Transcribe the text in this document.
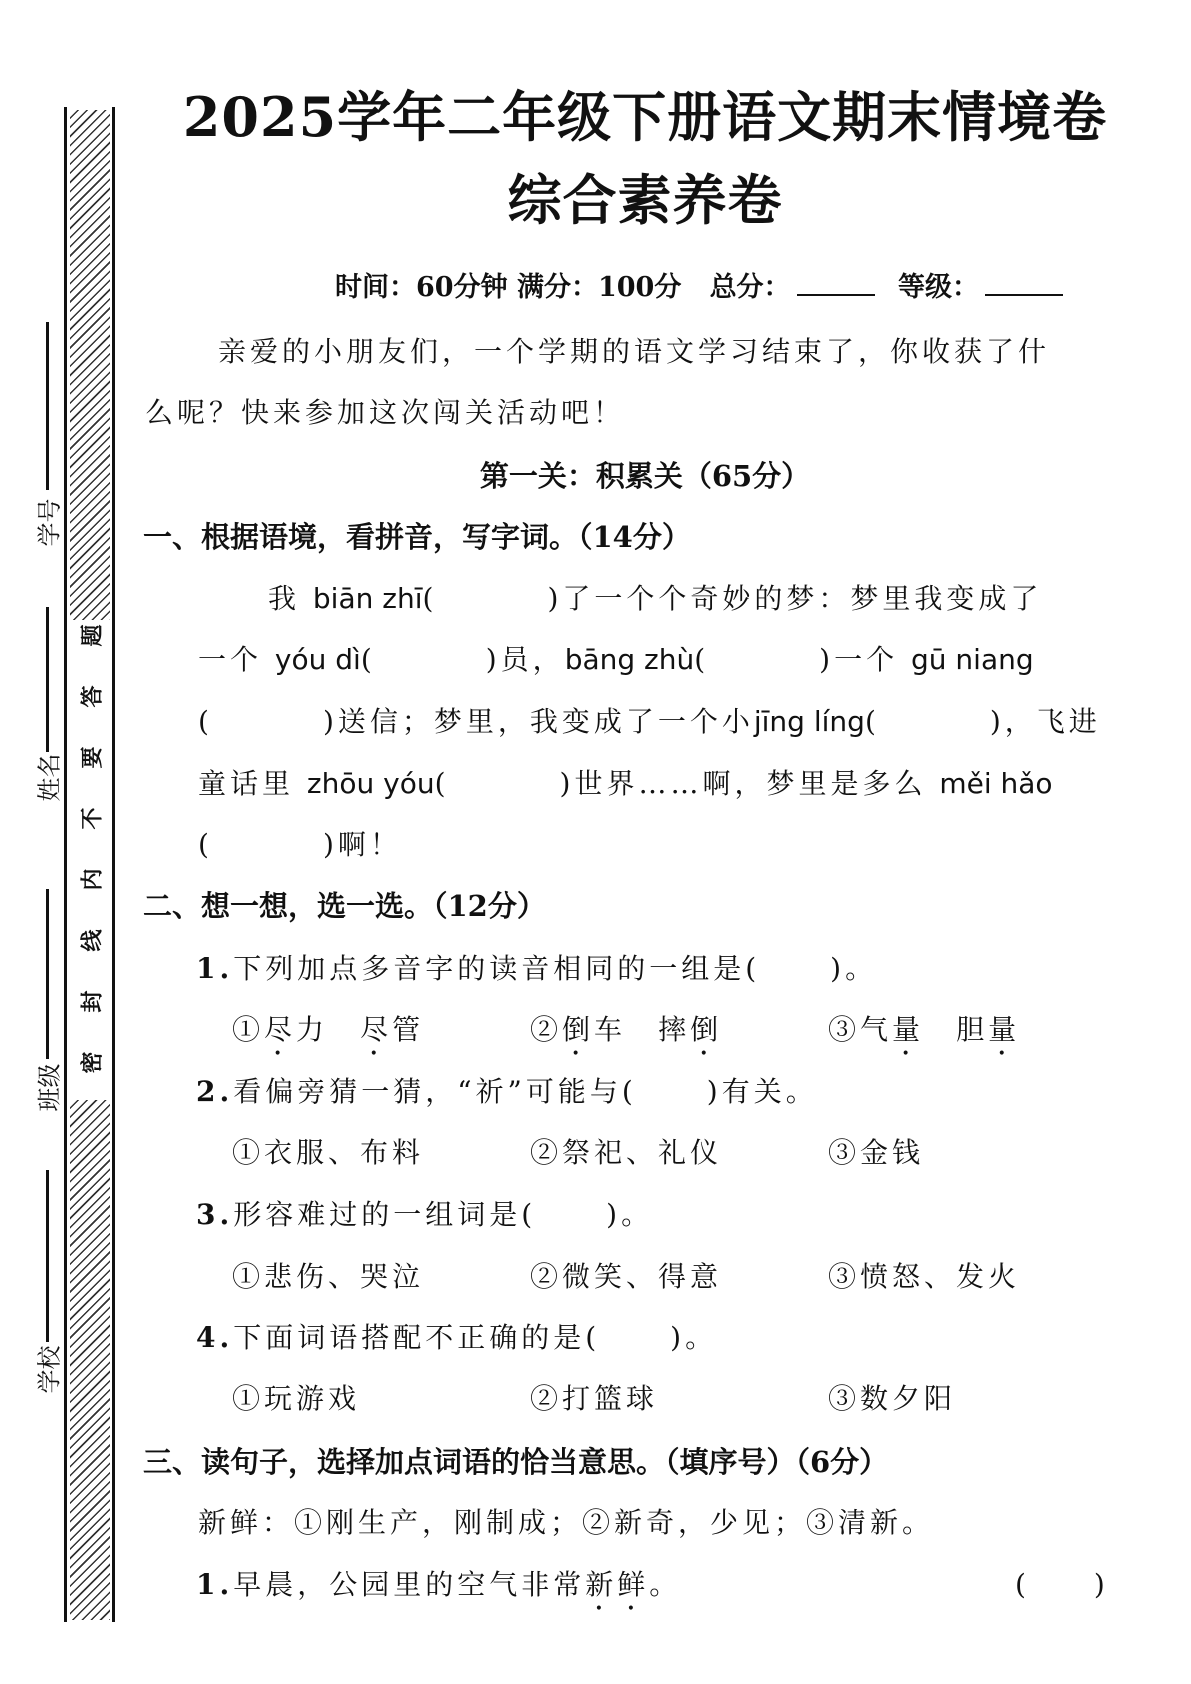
题
答
要
不
内
线
封
密
学号
姓名
班级
学校
2025学年二年级下册语文期末情境卷
综合素养卷
时间：60分钟 满分：100分 总分：	等级：
亲爱的小朋友们，一个学期的语文学习结束了，你收获了什
么呢？快来参加这次闯关活动吧！
第一关：积累关（65分）
一、根据语境，看拼音，写字词。（14分）
我 biān zhī(	)了一个个奇妙的梦：梦里我变成了
一个 yóu dì(	)员，bāng zhù(	)一个 gū niang
(	)送信；梦里，我变成了一个小jīng líng(	)，飞进
童话里 zhōu yóu(	)世界……啊，梦里是多么 měi hǎo
(	)啊！
二、想一想，选一选。（12分）
1.下列加点多音字的读音相同的一组是(	)。
①尽力　 尽管	②倒车　 摔倒	③气量　 胆量
2.看偏旁猜一猜，“祈”可能与(	)有关。
①衣服、布料	②祭祀、礼仪	③金钱
3.形容难过的一组词是(	)。
①悲伤、哭泣	②微笑、得意	③愤怒、发火
4.下面词语搭配不正确的是(	)。
①玩游戏	②打篮球	③数夕阳
三、读句子，选择加点词语的恰当意思。（填序号）（6分）
新鲜：①刚生产，刚制成；②新奇，少见；③清新。
1.早晨，公园里的空气非常新鲜。	(　　)
